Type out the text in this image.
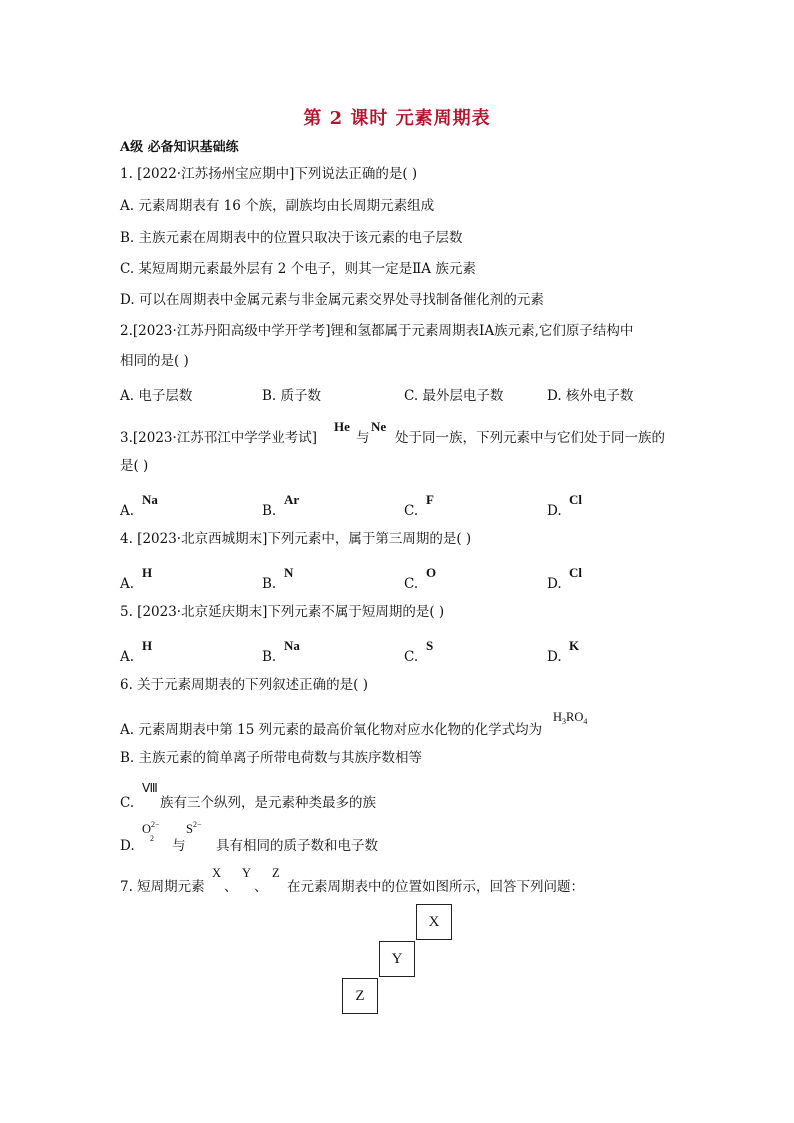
第 2 课时 元素周期表
A级 必备知识基础练
1. [2022·江苏扬州宝应期中]下列说法正确的是( )
A. 元素周期表有 16 个族，副族均由长周期元素组成
B. 主族元素在周期表中的位置只取决于该元素的电子层数
C. 某短周期元素最外层有 2 个电子，则其一定是ⅡA 族元素
D. 可以在周期表中金属元素与非金属元素交界处寻找制备催化剂的元素
2.[2023·江苏丹阳高级中学开学考]锂和氢都属于元素周期表ⅠA族元素,它们原子结构中
相同的是( )
A. 电子层数	B. 质子数	C. 最外层电子数	D. 核外电子数
3.[2023·江苏邗江中学学业考试]
He
与
Ne
处于同一族，下列元素中与它们处于同一族的
是( )
A.
Na
B.
Ar
C.
F
D.
Cl
4. [2023·北京西城期末]下列元素中，属于第三周期的是( )
A.
H
B.
N
C.
O
D.
Cl
5. [2023·北京延庆期末]下列元素不属于短周期的是( )
A.
H
B.
Na
C.
S
D.
K
6. 关于元素周期表的下列叙述正确的是( )
A. 元素周期表中第 15 列元素的最高价氧化物对应水化物的化学式均为
$H_3RO_4$
B. 主族元素的简单离子所带电荷数与其族序数相等
C.
Ⅷ
族有三个纵列，是元素种类最多的族
D.
$O^{2-}$
2 与
$S^{2-}$
具有相同的质子数和电子数
7. 短周期元素
X
、
Y
、
Z
在元素周期表中的位置如图所示，回答下列问题：
X
Y
Z
